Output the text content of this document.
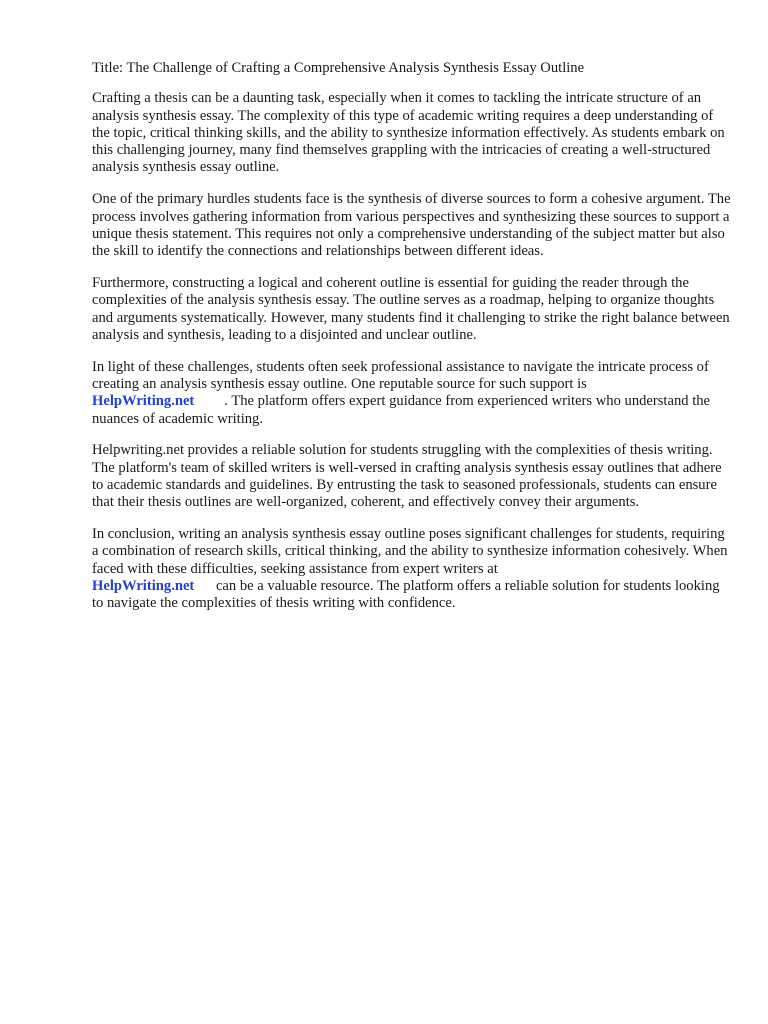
Title: The Challenge of Crafting a Comprehensive Analysis Synthesis Essay Outline

Crafting a thesis can be a daunting task, especially when it comes to tackling the intricate structure of an analysis synthesis essay. The complexity of this type of academic writing requires a deep understanding of the topic, critical thinking skills, and the ability to synthesize information effectively. As students embark on this challenging journey, many find themselves grappling with the intricacies of creating a well-structured analysis synthesis essay outline.

One of the primary hurdles students face is the synthesis of diverse sources to form a cohesive argument. The process involves gathering information from various perspectives and synthesizing these sources to support a unique thesis statement. This requires not only a comprehensive understanding of the subject matter but also the skill to identify the connections and relationships between different ideas.

Furthermore, constructing a logical and coherent outline is essential for guiding the reader through the complexities of the analysis synthesis essay. The outline serves as a roadmap, helping to organize thoughts and arguments systematically. However, many students find it challenging to strike the right balance between analysis and synthesis, leading to a disjointed and unclear outline.

In light of these challenges, students often seek professional assistance to navigate the intricate process of creating an analysis synthesis essay outline. One reputable source for such support is
HelpWriting.net . The platform offers expert guidance from experienced writers who understand the nuances of academic writing.

Helpwriting.net provides a reliable solution for students struggling with the complexities of thesis writing. The platform's team of skilled writers is well-versed in crafting analysis synthesis essay outlines that adhere to academic standards and guidelines. By entrusting the task to seasoned professionals, students can ensure that their thesis outlines are well-organized, coherent, and effectively convey their arguments.

In conclusion, writing an analysis synthesis essay outline poses significant challenges for students, requiring a combination of research skills, critical thinking, and the ability to synthesize information cohesively. When faced with these difficulties, seeking assistance from expert writers at
HelpWriting.net can be a valuable resource. The platform offers a reliable solution for students looking to navigate the complexities of thesis writing with confidence.
